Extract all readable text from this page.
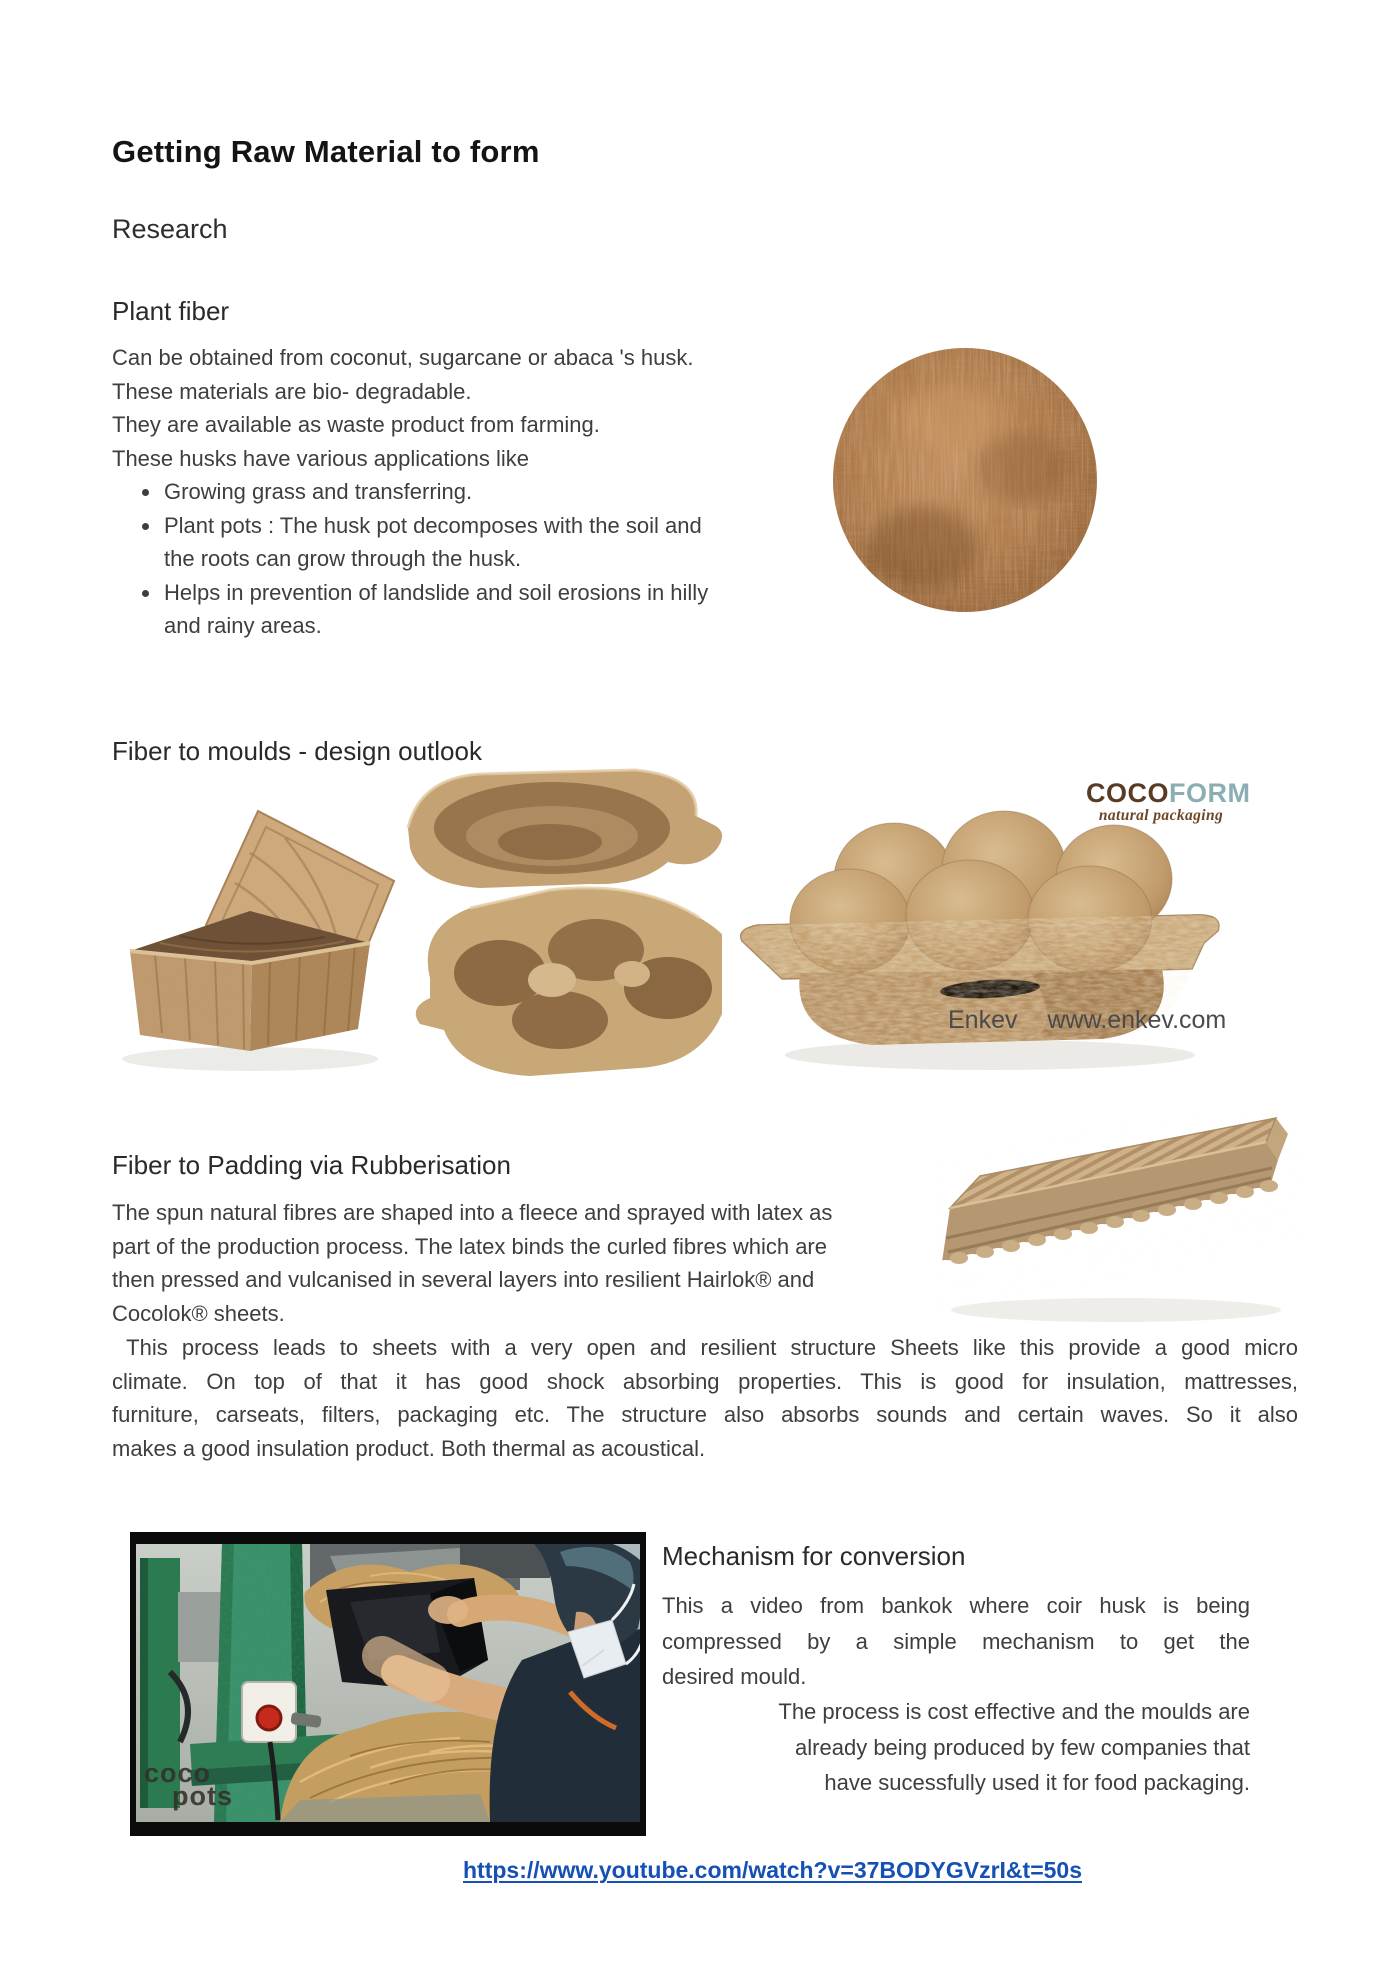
Getting Raw Material to form
Research
Plant fiber
Can be obtained from coconut, sugarcane or abaca 's husk.
These materials are bio- degradable.
They are available as waste product from farming.
These husks have various applications like
• Growing grass and transferring.
• Plant pots : The husk pot decomposes with the soil and
the roots can grow through the husk.
• Helps in prevention of landslide and soil erosions in hilly
and rainy areas.
Fiber to moulds - design outlook
COCOFORM
natural packaging
Enkev www.enkev.com
Fiber to Padding via Rubberisation
The spun natural fibres are shaped into a fleece and sprayed with latex as
part of the production process. The latex binds the curled fibres which are
then pressed and vulcanised in several layers into resilient Hairlok® and
Cocolok® sheets.
This process leads to sheets with a very open and resilient structure Sheets like this provide a good micro
climate. On top of that it has good shock absorbing properties. This is good for insulation, mattresses,
furniture, carseats, filters, packaging etc. The structure also absorbs sounds and certain waves. So it also
makes a good insulation product. Both thermal as acoustical.
Mechanism for conversion
This a video from bankok where coir husk is being
compressed by a simple mechanism to get the
desired mould.
The process is cost effective and the moulds are
already being produced by few companies that
have sucessfully used it for food packaging.
coco
pots
https://www.youtube.com/watch?v=37BODYGVzrI&t=50s
